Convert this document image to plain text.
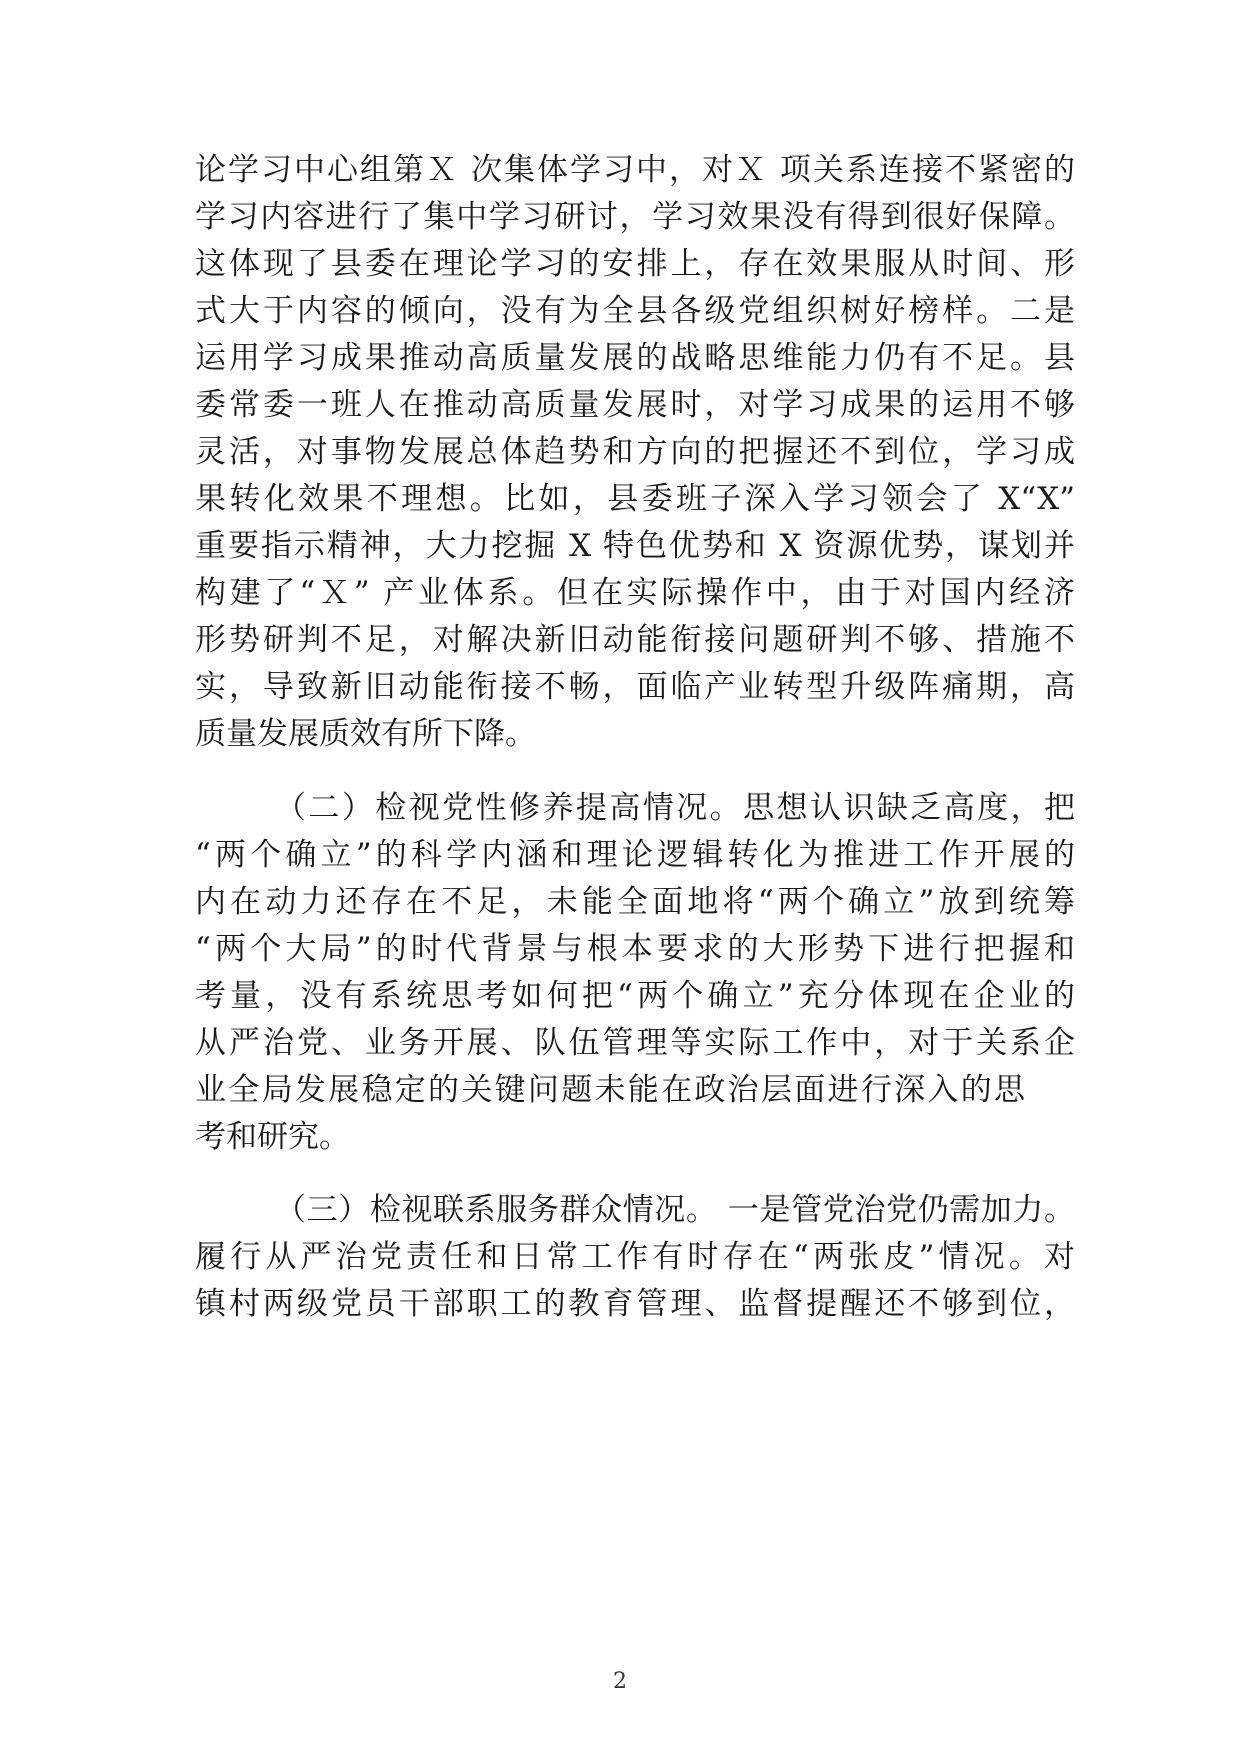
论学习中心组第Ｘ 次集体学习中，对Ｘ 项关系连接不紧密的
学习内容进行了集中学习研讨，学习效果没有得到很好保障。
这体现了县委在理论学习的安排上，存在效果服从时间、形
式大于内容的倾向，没有为全县各级党组织树好榜样。二是
运用学习成果推动高质量发展的战略思维能力仍有不足。县
委常委一班人在推动高质量发展时，对学习成果的运用不够
灵活，对事物发展总体趋势和方向的把握还不到位，学习成
果转化效果不理想。比如，县委班子深入学习领会了 X“X”
重要指示精神，大力挖掘 X 特色优势和 X 资源优势，谋划并
构建了“Ｘ” 产业体系。但在实际操作中，由于对国内经济
形势研判不足，对解决新旧动能衔接问题研判不够、措施不
实，导致新旧动能衔接不畅，面临产业转型升级阵痛期，高
质量发展质效有所下降。
（二）检视党性修养提高情况。思想认识缺乏高度，把
“两个确立”的科学内涵和理论逻辑转化为推进工作开展的
内在动力还存在不足，未能全面地将“两个确立”放到统筹
“两个大局”的时代背景与根本要求的大形势下进行把握和
考量，没有系统思考如何把“两个确立”充分体现在企业的
从严治党、业务开展、队伍管理等实际工作中，对于关系企
业全局发展稳定的关键问题未能在政治层面进行深入的思
考和研究。
（三）检视联系服务群众情况。 一是管党治党仍需加力。
履行从严治党责任和日常工作有时存在“两张皮”情况。对
镇村两级党员干部职工的教育管理、监督提醒还不够到位，
2
